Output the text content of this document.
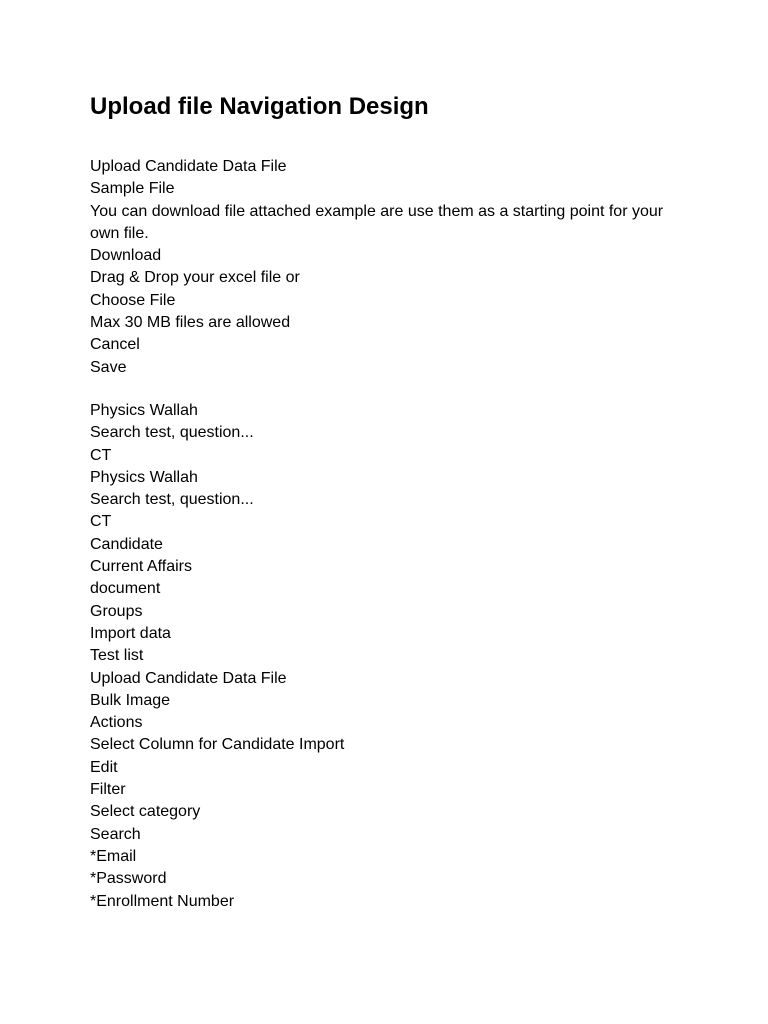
Upload file Navigation Design
Upload Candidate Data File
Sample File
You can download file attached example are use them as a starting point for your own file.
Download
Drag & Drop your excel file or
Choose File
Max 30 MB files are allowed
Cancel
Save
Physics Wallah
Search test, question...
CT
Physics Wallah
Search test, question...
CT
Candidate
Current Affairs
document
Groups
Import data
Test list
Upload Candidate Data File
Bulk Image
Actions
Select Column for Candidate Import
Edit
Filter
Select category
Search
*Email
*Password
*Enrollment Number
